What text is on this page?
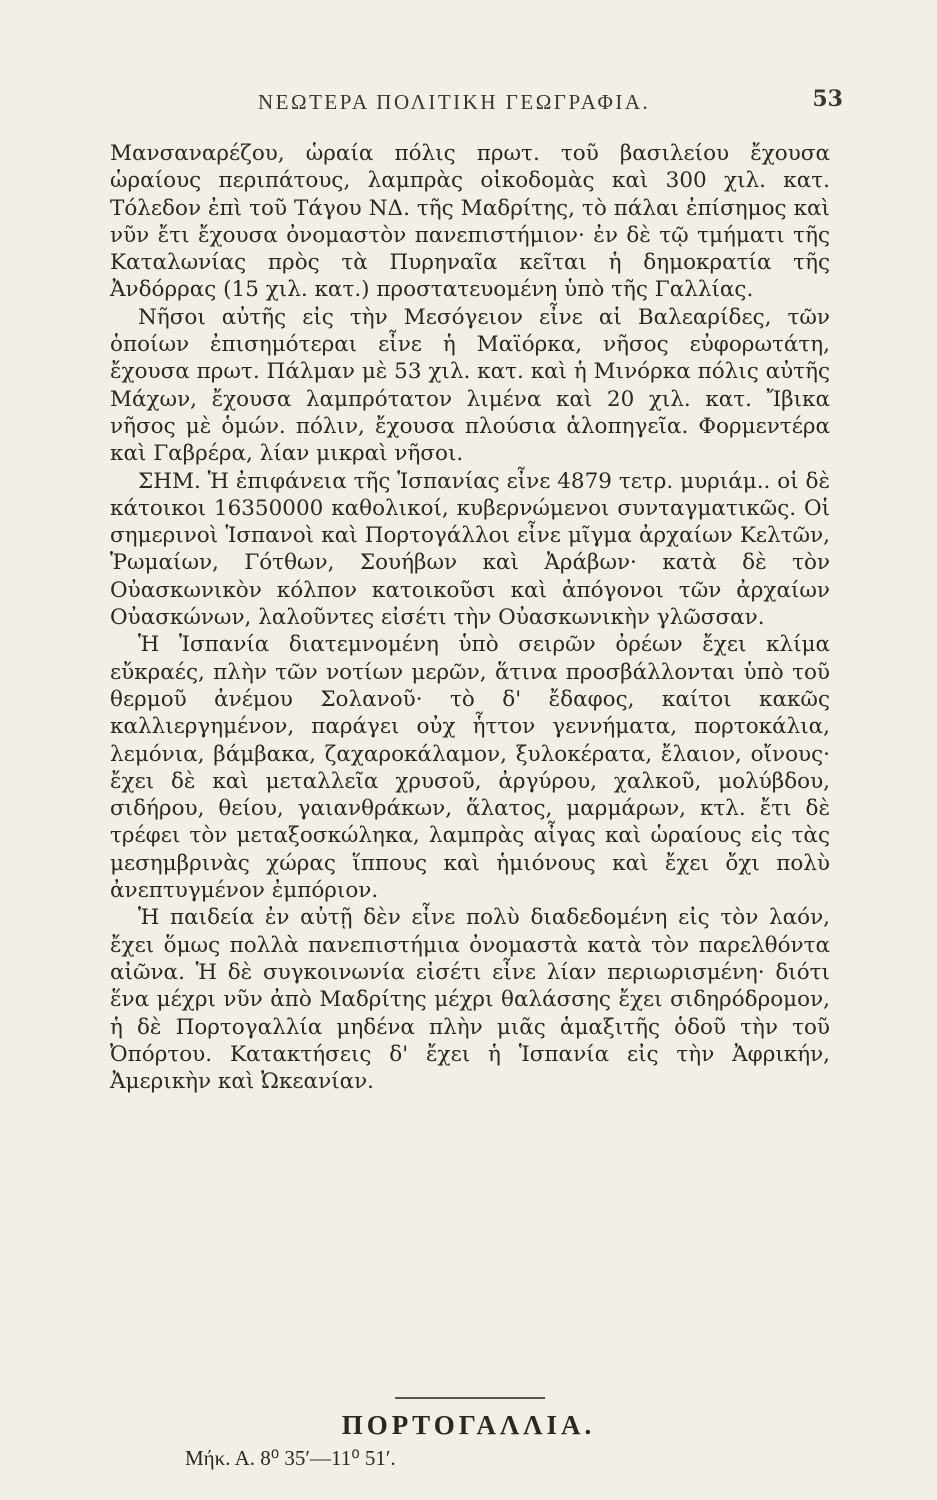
ΝΕΩΤΕΡΑ ΠΟΛΙΤΙΚΗ ΓΕΩΓΡΑΦΙΑ.	53

Μανσαναρέζου, ὡραία πόλις πρωτ. τοῦ βασιλείου ἔχουσα ὡραίους περιπάτους, λαμπρὰς οἰκοδομὰς καὶ 300 χιλ. κατ. Τόλεδον ἐπὶ τοῦ Τάγου ΝΔ. τῆς Μαδρίτης, τὸ πάλαι ἐπίσημος καὶ νῦν ἔτι ἔχουσα ὀνομαστὸν πανεπιστήμιον· ἐν δὲ τῷ τμήματι τῆς Καταλωνίας πρὸς τὰ Πυρηναῖα κεῖται ἡ δημοκρατία τῆς Ἀνδόρρας (15 χιλ. κατ.) προστατευομένη ὑπὸ τῆς Γαλλίας.

Νῆσοι αὐτῆς εἰς τὴν Μεσόγειον εἶνε αἱ Βαλεαρίδες, τῶν ὁποίων ἐπισημότεραι εἶνε ἡ Μαϊόρκα, νῆσος εὐφορωτάτη, ἔχουσα πρωτ. Πάλμαν μὲ 53 χιλ. κατ. καὶ ἡ Μινόρκα πόλις αὐτῆς Μάχων, ἔχουσα λαμπρότατον λιμένα καὶ 20 χιλ. κατ. Ἴβικα νῆσος μὲ ὁμών. πόλιν, ἔχουσα πλούσια ἁλοπηγεῖα. Φορμεντέρα καὶ Γαβρέρα, λίαν μικραὶ νῆσοι.

ΣΗΜ. Ἡ ἐπιφάνεια τῆς Ἱσπανίας εἶνε 4879 τετρ. μυριάμ.. οἱ δὲ κάτοικοι 16350000 καθολικοί, κυβερνώμενοι συνταγματικῶς. Οἱ σημερινοὶ Ἱσπανοὶ καὶ Πορτογάλλοι εἶνε μῖγμα ἀρχαίων Κελτῶν, Ῥωμαίων, Γότθων, Σουήβων καὶ Ἀράβων· κατὰ δὲ τὸν Οὐασκωνικὸν κόλπον κατοικοῦσι καὶ ἀπόγονοι τῶν ἀρχαίων Οὐασκώνων, λαλοῦντες εἰσέτι τὴν Οὐασκωνικὴν γλῶσσαν.

Ἡ Ἱσπανία διατεμνομένη ὑπὸ σειρῶν ὀρέων ἔχει κλίμα εὔκραές, πλὴν τῶν νοτίων μερῶν, ἅτινα προσβάλλονται ὑπὸ τοῦ θερμοῦ ἀνέμου Σολανοῦ· τὸ δ' ἔδαφος, καίτοι κακῶς καλλιεργημένον, παράγει οὐχ ἧττον γεννήματα, πορτοκάλια, λεμόνια, βάμβακα, ζαχαροκάλαμον, ξυλοκέρατα, ἔλαιον, οἴνους· ἔχει δὲ καὶ μεταλλεῖα χρυσοῦ, ἀργύρου, χαλκοῦ, μολύβδου, σιδήρου, θείου, γαιανθράκων, ἅλατος, μαρμάρων, κτλ. ἔτι δὲ τρέφει τὸν μεταξοσκώληκα, λαμπρὰς αἶγας καὶ ὡραίους εἰς τὰς μεσημβρινὰς χώρας ἵππους καὶ ἡμιόνους καὶ ἔχει ὄχι πολὺ ἀνεπτυγμένον ἐμπόριον.

Ἡ παιδεία ἐν αὐτῇ δὲν εἶνε πολὺ διαδεδομένη εἰς τὸν λαόν, ἔχει ὅμως πολλὰ πανεπιστήμια ὀνομαστὰ κατὰ τὸν παρελθόντα αἰῶνα. Ἡ δὲ συγκοινωνία εἰσέτι εἶνε λίαν περιωρισμένη· διότι ἕνα μέχρι νῦν ἀπὸ Μαδρίτης μέχρι θαλάσσης ἔχει σιδηρόδρομον, ἡ δὲ Πορτογαλλία μηδένα πλὴν μιᾶς ἁμαξιτῆς ὁδοῦ τὴν τοῦ Ὀπόρτου. Κατακτήσεις δ' ἔχει ἡ Ἱσπανία εἰς τὴν Ἀφρικήν, Ἀμερικὴν καὶ Ὠκεανίαν.

ΠΟΡΤΟΓΑΛΛΙΑ.
Μήκ. Α. 8⁰ 35′—11⁰ 51′.
